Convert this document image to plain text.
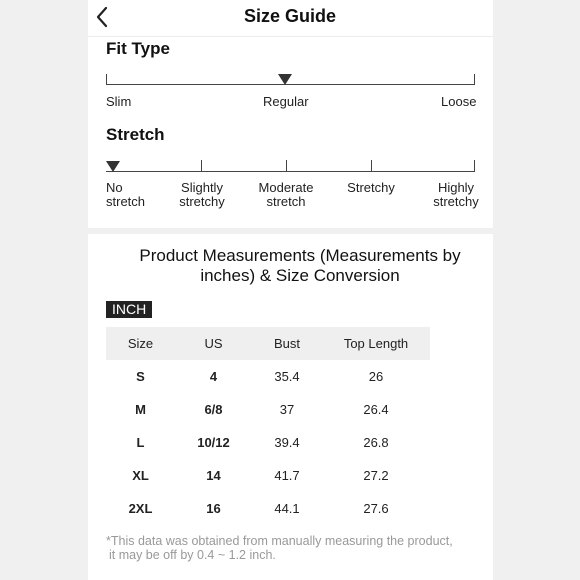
Size Guide
Fit Type
Slim	Regular	Loose
Stretch
No
stretch
Slightly
stretchy
Moderate
stretch
Stretchy	Highly
stretchy
Product Measurements (Measurements by
inches) & Size Conversion
INCH
Size	US	Bust	Top Length
S	4	35.4	26
M	6/8	37	26.4
L	10/12	39.4	26.8
XL	14	41.7	27.2
2XL	16	44.1	27.6
*This data was obtained from manually measuring the product,
it may be off by 0.4 ~ 1.2 inch.
